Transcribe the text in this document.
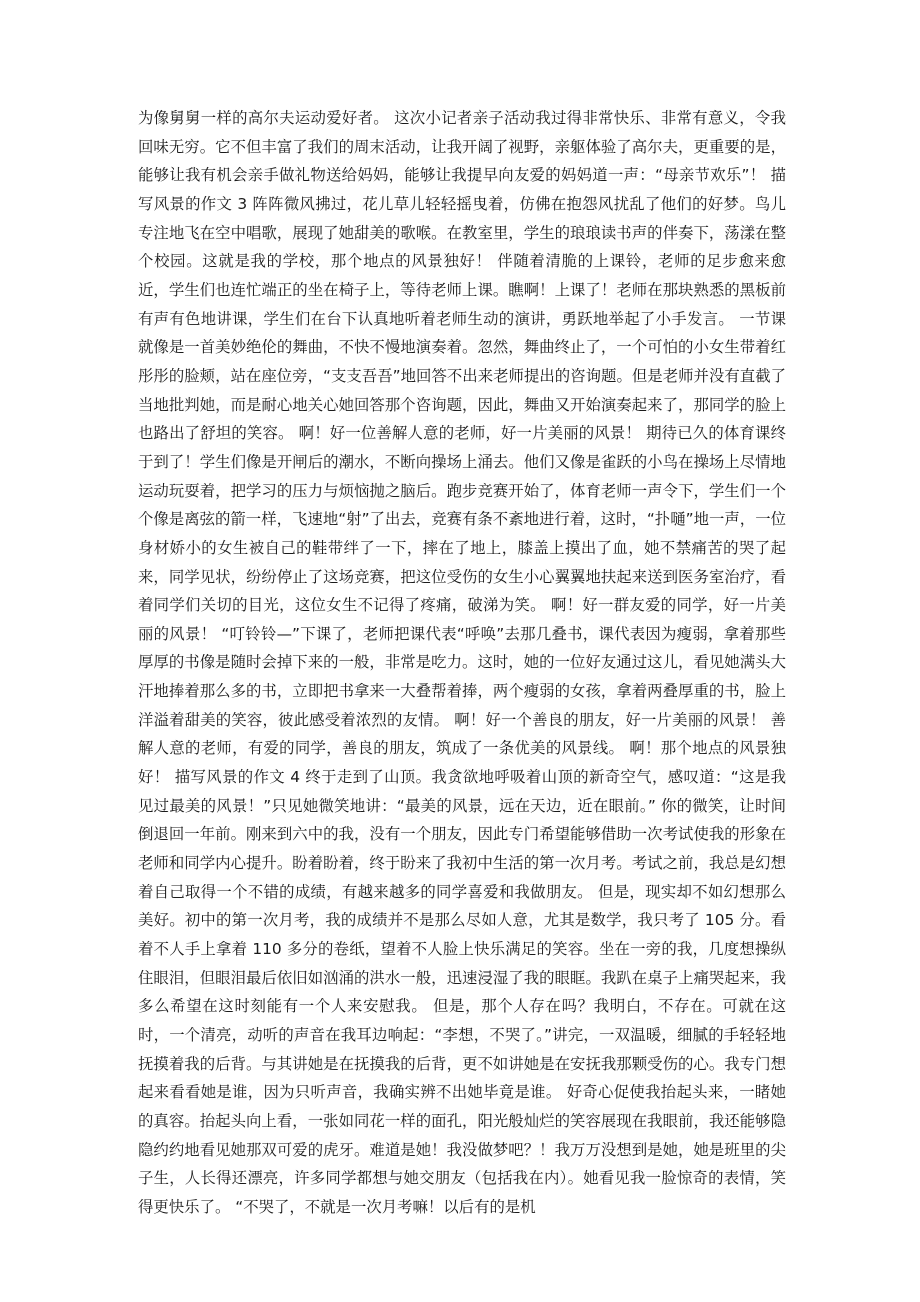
为像舅舅一样的高尔夫运动爱好者。 这次小记者亲子活动我过得非常快乐、非常有意义，令我回味无穷。它不但丰富了我们的周末活动，让我开阔了视野，亲躯体验了高尔夫，更重要的是，能够让我有机会亲手做礼物送给妈妈，能够让我提早向友爱的妈妈道一声：“母亲节欢乐”！ 描写风景的作文 3 阵阵微风拂过，花儿草儿轻轻摇曳着，仿佛在抱怨风扰乱了他们的好梦。鸟儿专注地飞在空中唱歌，展现了她甜美的歌喉。在教室里，学生的琅琅读书声的伴奏下，荡漾在整个校园。这就是我的学校，那个地点的风景独好！ 伴随着清脆的上课铃，老师的足步愈来愈近，学生们也连忙端正的坐在椅子上，等待老师上课。瞧啊！上课了！老师在那块熟悉的黑板前有声有色地讲课，学生们在台下认真地听着老师生动的演讲，勇跃地举起了小手发言。 一节课就像是一首美妙绝伦的舞曲，不快不慢地演奏着。忽然，舞曲终止了，一个可怕的小女生带着红彤彤的脸颊，站在座位旁，“支支吾吾”地回答不出来老师提出的咨询题。但是老师并没有直截了当地批判她，而是耐心地关心她回答那个咨询题，因此，舞曲又开始演奏起来了，那同学的脸上也路出了舒坦的笑容。 啊！好一位善解人意的老师，好一片美丽的风景！ 期待已久的体育课终于到了！学生们像是开闸后的潮水，不断向操场上涌去。他们又像是雀跃的小鸟在操场上尽情地运动玩耍着，把学习的压力与烦恼抛之脑后。跑步竞赛开始了，体育老师一声令下，学生们一个个像是离弦的箭一样，飞速地“射”了出去，竞赛有条不紊地进行着，这时，“扑嗵”地一声，一位身材娇小的女生被自己的鞋带绊了一下，摔在了地上，膝盖上摸出了血，她不禁痛苦的哭了起来，同学见状，纷纷停止了这场竞赛，把这位受伤的女生小心翼翼地扶起来送到医务室治疗，看着同学们关切的目光，这位女生不记得了疼痛，破涕为笑。 啊！好一群友爱的同学，好一片美丽的风景！ “叮铃铃—”下课了，老师把课代表“呼唤”去那几叠书，课代表因为瘦弱，拿着那些厚厚的书像是随时会掉下来的一般，非常是吃力。这时，她的一位好友通过这儿，看见她满头大汗地捧着那么多的书，立即把书拿来一大叠帮着捧，两个瘦弱的女孩，拿着两叠厚重的书，脸上洋溢着甜美的笑容，彼此感受着浓烈的友情。 啊！好一个善良的朋友，好一片美丽的风景！ 善解人意的老师，有爱的同学，善良的朋友，筑成了一条优美的风景线。 啊！那个地点的风景独好！ 描写风景的作文 4 终于走到了山顶。我贪欲地呼吸着山顶的新奇空气，感叹道：“这是我见过最美的风景！”只见她微笑地讲：“最美的风景，远在天边，近在眼前。” 你的微笑，让时间倒退回一年前。刚来到六中的我，没有一个朋友，因此专门希望能够借助一次考试使我的形象在老师和同学内心提升。盼着盼着，终于盼来了我初中生活的第一次月考。考试之前，我总是幻想着自己取得一个不错的成绩，有越来越多的同学喜爱和我做朋友。 但是，现实却不如幻想那么美好。初中的第一次月考，我的成绩并不是那么尽如人意，尤其是数学，我只考了 105 分。看着不人手上拿着 110 多分的卷纸，望着不人脸上快乐满足的笑容。坐在一旁的我，几度想操纵住眼泪，但眼泪最后依旧如汹涌的洪水一般，迅速浸湿了我的眼眶。我趴在桌子上痛哭起来，我多么希望在这时刻能有一个人来安慰我。 但是，那个人存在吗？我明白，不存在。可就在这时，一个清亮，动听的声音在我耳边响起：“李想，不哭了。”讲完，一双温暖，细腻的手轻轻地抚摸着我的后背。与其讲她是在抚摸我的后背，更不如讲她是在安抚我那颗受伤的心。我专门想起来看看她是谁，因为只听声音，我确实辨不出她毕竟是谁。 好奇心促使我抬起头来，一睹她的真容。抬起头向上看，一张如同花一样的面孔，阳光般灿烂的笑容展现在我眼前，我还能够隐隐约约地看见她那双可爱的虎牙。难道是她！我没做梦吧？！我万万没想到是她，她是班里的尖子生，人长得还漂亮，许多同学都想与她交朋友（包括我在内）。她看见我一脸惊奇的表情，笑得更快乐了。 “不哭了，不就是一次月考嘛！以后有的是机
